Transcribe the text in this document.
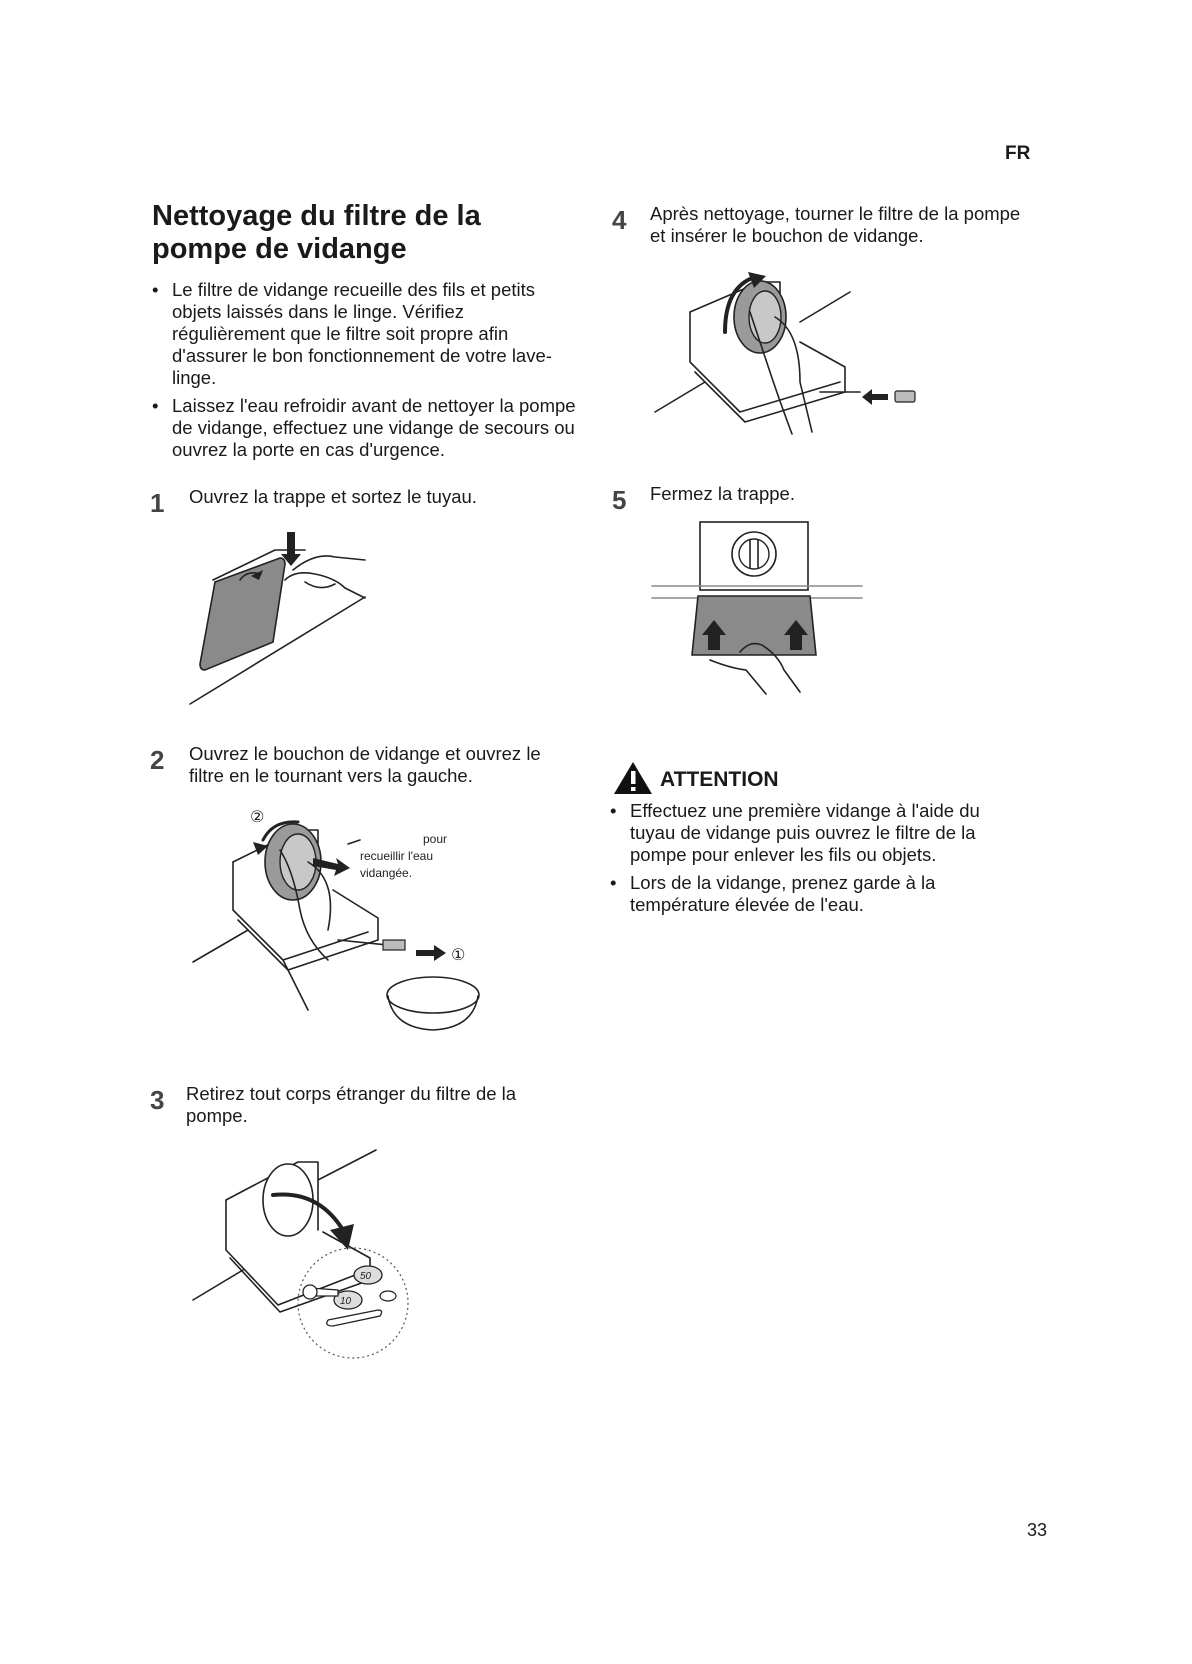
FR
Nettoyage du filtre de la pompe de vidange
• Le filtre de vidange recueille des fils et petits objets laissés dans le linge. Vérifiez régulièrement que le filtre soit propre afin d'assurer le bon fonctionnement de votre lave-linge.
• Laissez l'eau refroidir avant de nettoyer la pompe de vidange, effectuez une vidange de secours ou ouvrez la porte en cas d'urgence.
1 Ouvrez la trappe et sortez le tuyau.
2 Ouvrez le bouchon de vidange et ouvrez le filtre en le tournant vers la gauche.
②
pour
recueillir l'eau
vidangée.
①
3 Retirez tout corps étranger du filtre de la pompe.
50
10
4 Après nettoyage, tourner le filtre de la pompe et insérer le bouchon de vidange.
5 Fermez la trappe.
ATTENTION
• Effectuez une première vidange à l'aide du tuyau de vidange puis ouvrez le filtre de la pompe pour enlever les fils ou objets.
• Lors de la vidange, prenez garde à la température élevée de l'eau.
33
